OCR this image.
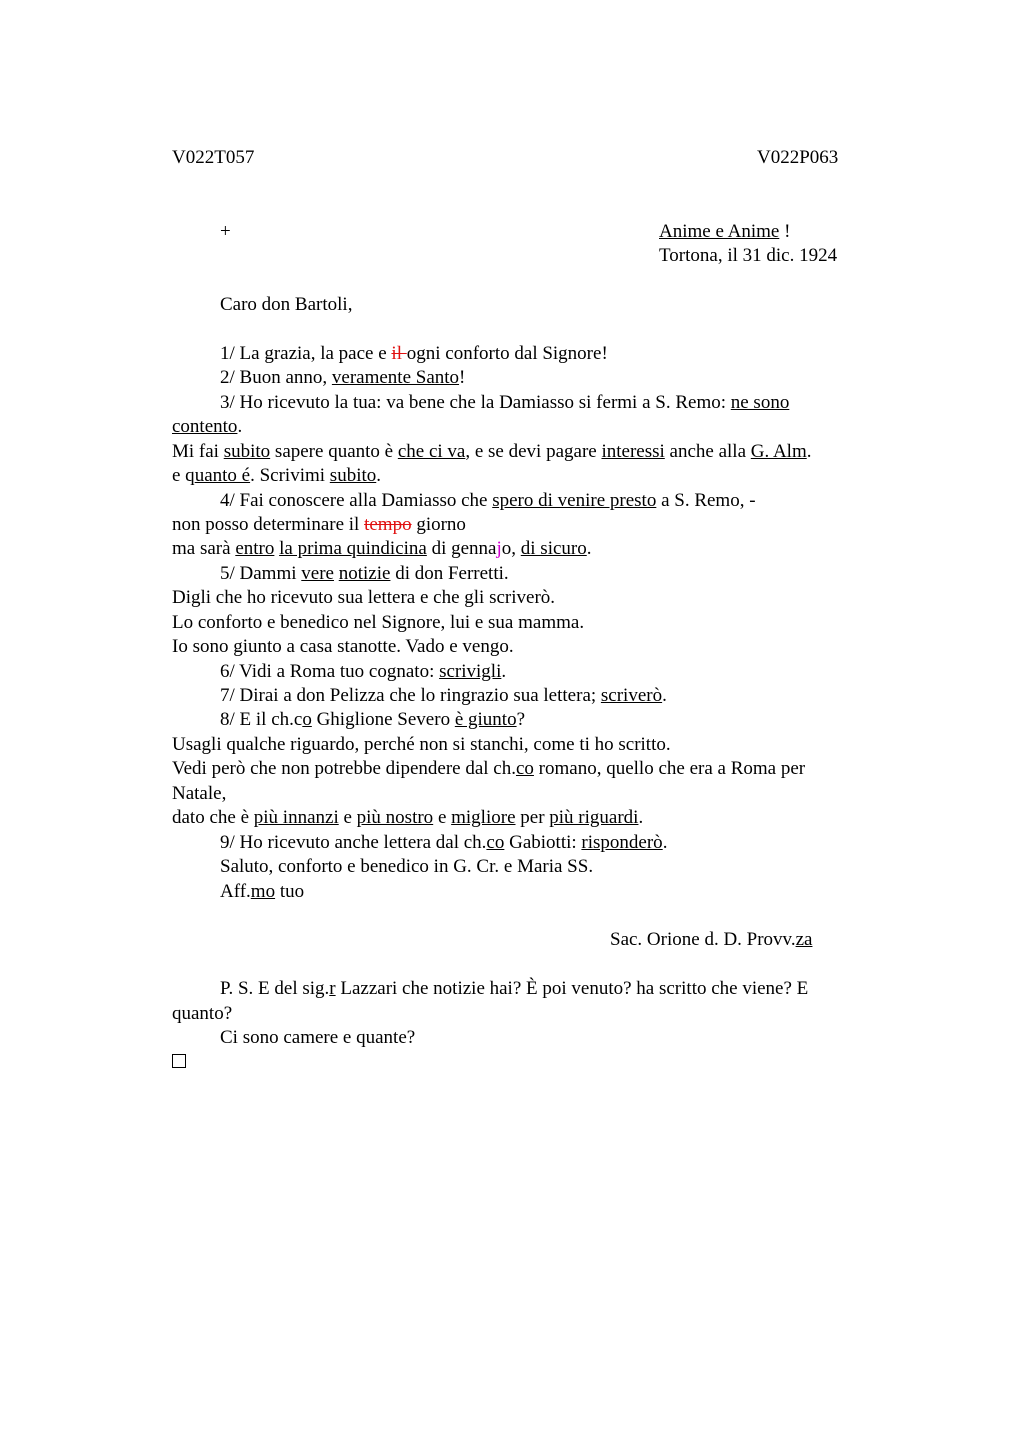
V022T057	V022P063
+	Anime e Anime !
Tortona, il 31 dic. 1924
Caro don Bartoli,
1/ La grazia, la pace e il ogni conforto dal Signore!
2/ Buon anno, veramente Santo!
3/ Ho ricevuto la tua: va bene che la Damiasso si fermi a S. Remo: ne sono
contento.
Mi fai subito sapere quanto è che ci va, e se devi pagare interessi anche alla G. Alm.
e quanto é. Scrivimi subito.
4/ Fai conoscere alla Damiasso che spero di venire presto a S. Remo, -
non posso determinare il tempo giorno
ma sarà entro la prima quindicina di gennajo, di sicuro.
5/ Dammi vere notizie di don Ferretti.
Digli che ho ricevuto sua lettera e che gli scriverò.
Lo conforto e benedico nel Signore, lui e sua mamma.
Io sono giunto a casa stanotte. Vado e vengo.
6/ Vidi a Roma tuo cognato: scrivigli.
7/ Dirai a don Pelizza che lo ringrazio sua lettera; scriverò.
8/ E il ch.co Ghiglione Severo è giunto?
Usagli qualche riguardo, perché non si stanchi, come ti ho scritto.
Vedi però che non potrebbe dipendere dal ch.co romano, quello che era a Roma per
Natale,
dato che è più innanzi e più nostro e migliore per più riguardi.
9/ Ho ricevuto anche lettera dal ch.co Gabiotti: risponderò.
Saluto, conforto e benedico in G. Cr. e Maria SS.
Aff.mo tuo
Sac. Orione d. D. Provv.za
P. S. E del sig.r Lazzari che notizie hai? È poi venuto? ha scritto che viene? E
quanto?
Ci sono camere e quante?
